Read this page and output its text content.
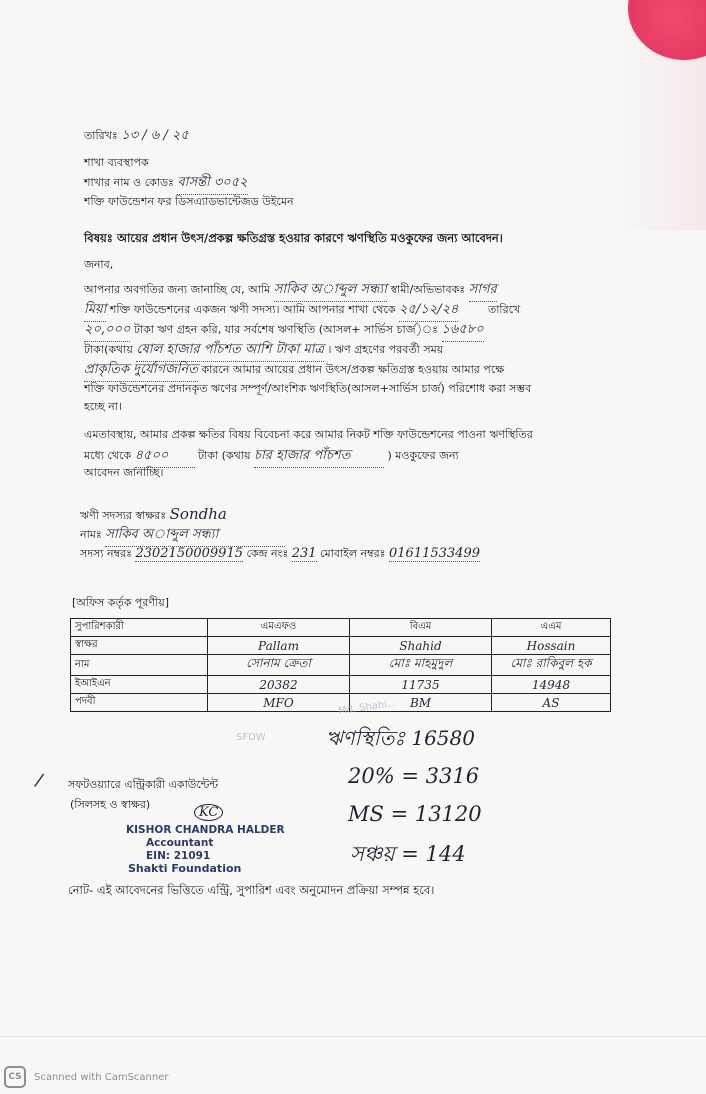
তারিখঃ ১৩ / ৬ / ২৫
শাখা ব্যবস্থাপক
শাখার নাম ও কোডঃ বাসন্তী ৩০৫২
শক্তি ফাউন্ডেশন ফর ডিসএ্যাডভান্টেজড উইমেন
বিষয়ঃ আয়ের প্রধান উৎস/প্রকল্প ক্ষতিগ্রস্ত হওয়ার কারণে ঋণস্থিতি মওকুফের জন্য আবেদন।
জনাব,
আপনার অবগতির জন্য জানাচ্ছি যে, আমি সাকিব অাব্দুল সন্ধ্যা স্বামী/অভিভাবকঃ সাগর
মিয়া শক্তি ফাউন্ডেশনের একজন ঋণী সদস্য। আমি আপনার শাখা থেকে ২৫/১২/২৪	তারিখে
২০,০০০ টাকা ঋণ গ্রহন করি, যার সর্বশেষ ঋণস্থিতি (আসল+ সার্ভিস চার্জ)ঃ ১৬৫৮০
টাকা(কথায় ষোল হাজার পাঁচশত আশি টাকা মাত্র । ঋণ গ্রহণের পরবর্তী সময়
প্রাকৃতিক দুর্যোগজনিত কারনে আমার আয়ের প্রধান উৎস/প্রকল্প ক্ষতিগ্রস্ত হওয়ায় আমার পক্ষে
শক্তি ফাউন্ডেশনের প্রদানকৃত ঋণের সম্পূর্ণ/আংশিক ঋণস্থিতি(আসল+সার্ভিস চার্জ) পরিশোধ করা সম্ভব
হচ্ছে না।
এমতাবস্থায়, আমার প্রকল্প ক্ষতির বিষয় বিবেচনা করে আমার নিকট শক্তি ফাউন্ডেশনের পাওনা ঋণস্থিতির
মধ্যে থেকে ৪৫০০	টাকা (কথায় চার হাজার পাঁচশত	) মওকুফের জন্য
আবেদন জানাচ্ছি।
ঋণী সদস্যর স্বাক্ষরঃ Sondha
নামঃ সাকিব অাব্দুল সন্ধ্যা
সদস্য নম্বরঃ 2302150009915 কেন্দ্র নংঃ 231 মোবাইল নম্বরঃ 01611533499
[অফিস কর্তৃক পূরণীয়]
সুপারিশকারী	এমএফও	বিএম	এএম
স্বাক্ষর	Pallam	Shahid	Hossain
নাম	সোনাম ক্রেতা	মোঃ মাহমুদুল	মোঃ রাকিবুল হক
ইআইএন	20382	11735	14948
পদবী	MFO	BM	AS
SFDW
Md. Shahi...
ঋণস্থিতিঃ 16580
20% = 3316
MS = 13120
সঞ্চয় = 144
/ সফটওয়্যারে এন্ট্রিকারী একাউন্টেন্ট
(সিলসহ ও স্বাক্ষর)
KC
KISHOR CHANDRA HALDER
Accountant
EIN: 21091
Shakti Foundation
নোট- এই আবেদনের ভিত্তিতে এন্ট্রি, সুপারিশ এবং অনুমোদন প্রক্রিয়া সম্পন্ন হবে।
CS	Scanned with CamScanner
